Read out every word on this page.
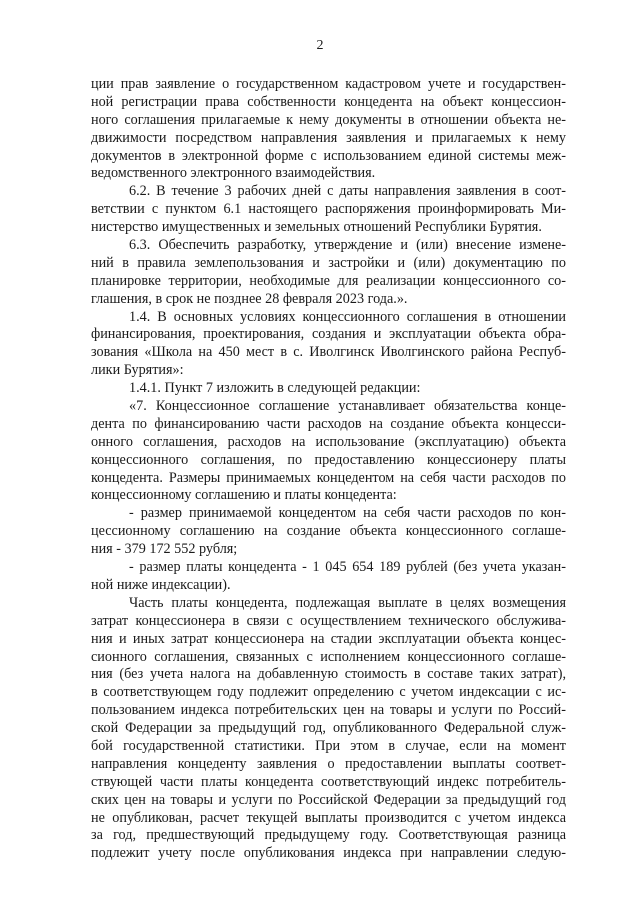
2
ции прав заявление о государственном кадастровом учете и государствен-
ной регистрации права собственности концедента на объект концессион-
ного соглашения прилагаемые к нему документы в отношении объекта не-
движимости посредством направления заявления и прилагаемых к нему
документов в электронной форме с использованием единой системы меж-
ведомственного электронного взаимодействия.
6.2. В течение 3 рабочих дней с даты направления заявления в соот-
ветствии с пунктом 6.1 настоящего распоряжения проинформировать Ми-
нистерство имущественных и земельных отношений Республики Бурятия.
6.3. Обеспечить разработку, утверждение и (или) внесение измене-
ний в правила землепользования и застройки и (или) документацию по
планировке территории, необходимые для реализации концессионного со-
глашения, в срок не позднее 28 февраля 2023 года.».
1.4. В основных условиях концессионного соглашения в отношении
финансирования, проектирования, создания и эксплуатации объекта обра-
зования «Школа на 450 мест в с. Иволгинск Иволгинского района Респуб-
лики Бурятия»:
1.4.1. Пункт 7 изложить в следующей редакции:
«7. Концессионное соглашение устанавливает обязательства конце-
дента по финансированию части расходов на создание объекта концесси-
онного соглашения, расходов на использование (эксплуатацию) объекта
концессионного соглашения, по предоставлению концессионеру платы
концедента. Размеры принимаемых концедентом на себя части расходов по
концессионному соглашению и платы концедента:
- размер принимаемой концедентом на себя части расходов по кон-
цессионному соглашению на создание объекта концессионного соглаше-
ния - 379 172 552 рубля;
- размер платы концедента - 1 045 654 189 рублей (без учета указан-
ной ниже индексации).
Часть платы концедента, подлежащая выплате в целях возмещения
затрат концессионера в связи с осуществлением технического обслужива-
ния и иных затрат концессионера на стадии эксплуатации объекта концес-
сионного соглашения, связанных с исполнением концессионного соглаше-
ния (без учета налога на добавленную стоимость в составе таких затрат),
в соответствующем году подлежит определению с учетом индексации с ис-
пользованием индекса потребительских цен на товары и услуги по Россий-
ской Федерации за предыдущий год, опубликованного Федеральной служ-
бой государственной статистики. При этом в случае, если на момент
направления концеденту заявления о предоставлении выплаты соответ-
ствующей части платы концедента соответствующий индекс потребитель-
ских цен на товары и услуги по Российской Федерации за предыдущий год
не опубликован, расчет текущей выплаты производится с учетом индекса
за год, предшествующий предыдущему году. Соответствующая разница
подлежит учету после опубликования индекса при направлении следую-
